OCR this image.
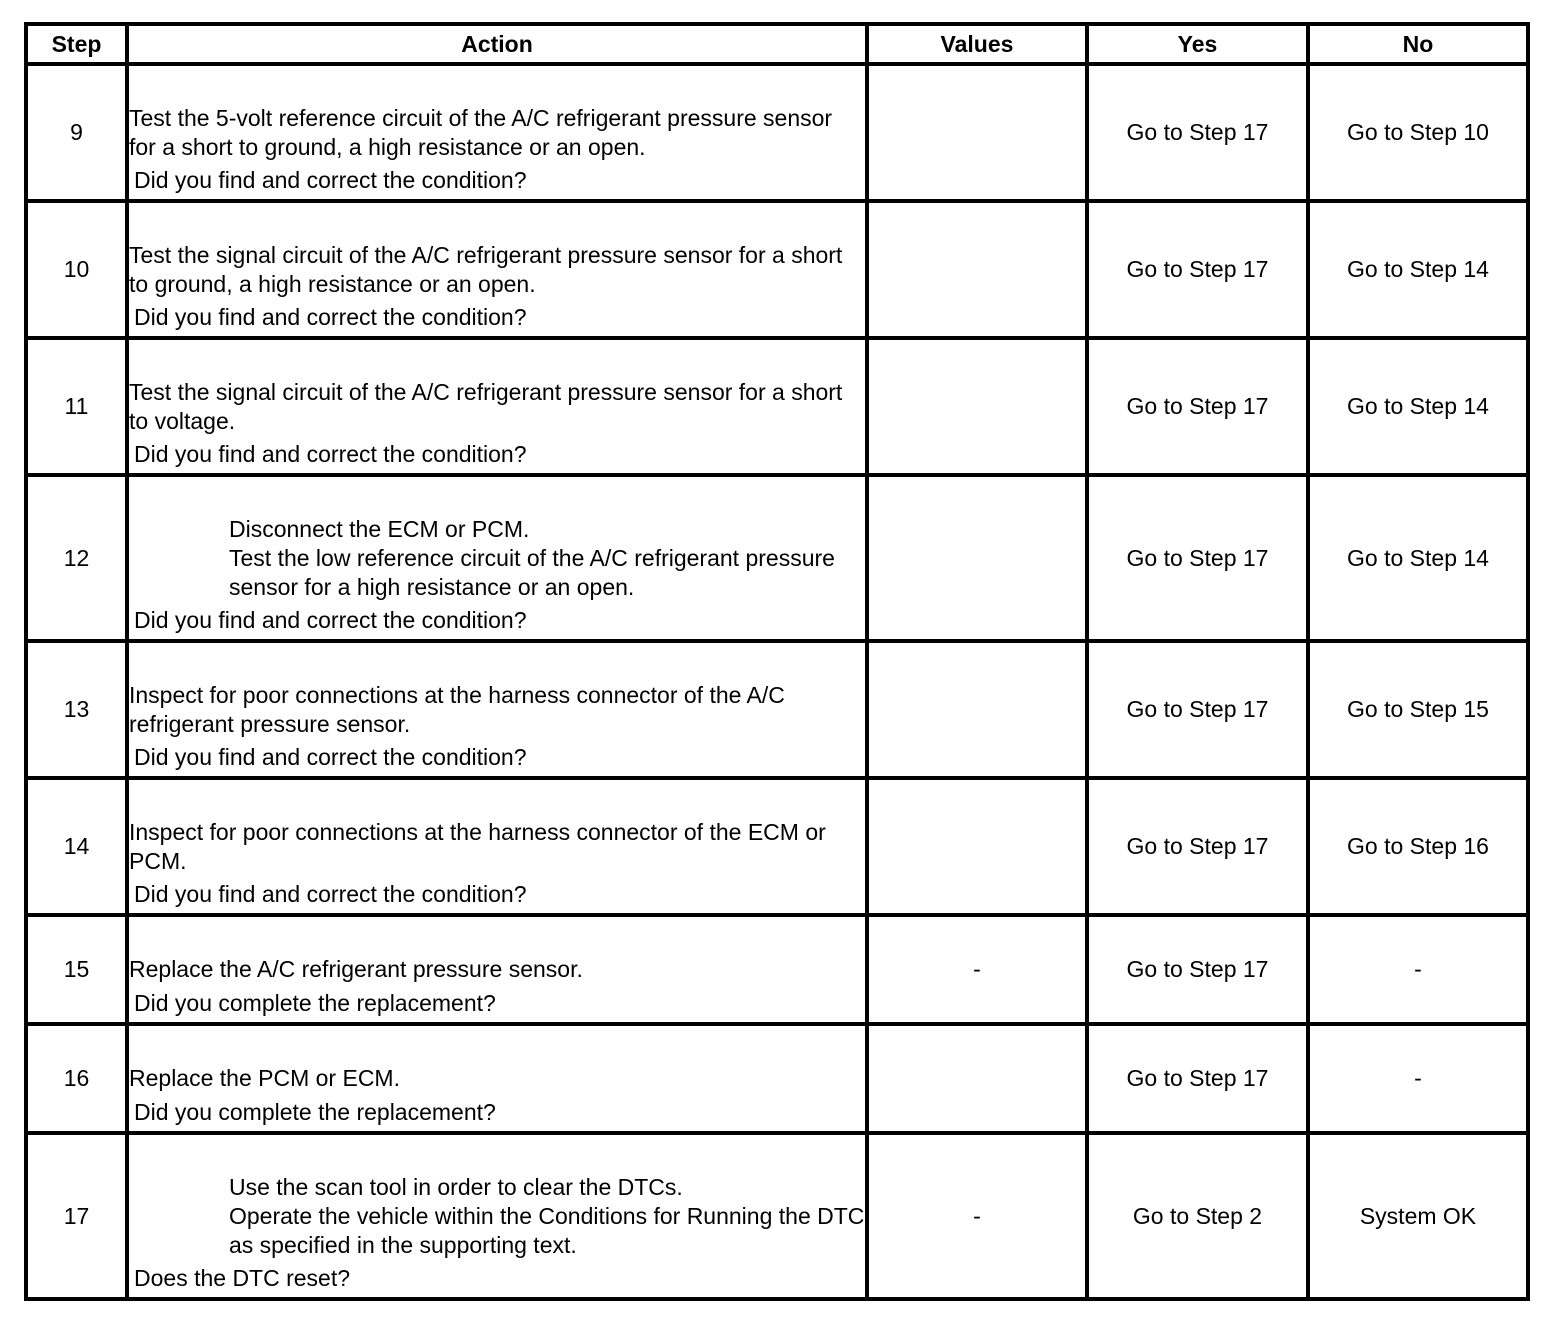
Step	Action	Values	Yes	No
9	Test the 5-volt reference circuit of the A/C refrigerant pressure sensor for a short to ground, a high resistance or an open.
Did you find and correct the condition?		Go to Step 17	Go to Step 10
10	Test the signal circuit of the A/C refrigerant pressure sensor for a short to ground, a high resistance or an open.
Did you find and correct the condition?		Go to Step 17	Go to Step 14
11	Test the signal circuit of the A/C refrigerant pressure sensor for a short to voltage.
Did you find and correct the condition?		Go to Step 17	Go to Step 14
12	Disconnect the ECM or PCM.
Test the low reference circuit of the A/C refrigerant pressure sensor for a high resistance or an open.
Did you find and correct the condition?		Go to Step 17	Go to Step 14
13	Inspect for poor connections at the harness connector of the A/C refrigerant pressure sensor.
Did you find and correct the condition?		Go to Step 17	Go to Step 15
14	Inspect for poor connections at the harness connector of the ECM or PCM.
Did you find and correct the condition?		Go to Step 17	Go to Step 16
15	Replace the A/C refrigerant pressure sensor.
Did you complete the replacement?	-	Go to Step 17	-
16	Replace the PCM or ECM.
Did you complete the replacement?		Go to Step 17	-
17	Use the scan tool in order to clear the DTCs.
Operate the vehicle within the Conditions for Running the DTC as specified in the supporting text.
Does the DTC reset?	-	Go to Step 2	System OK
